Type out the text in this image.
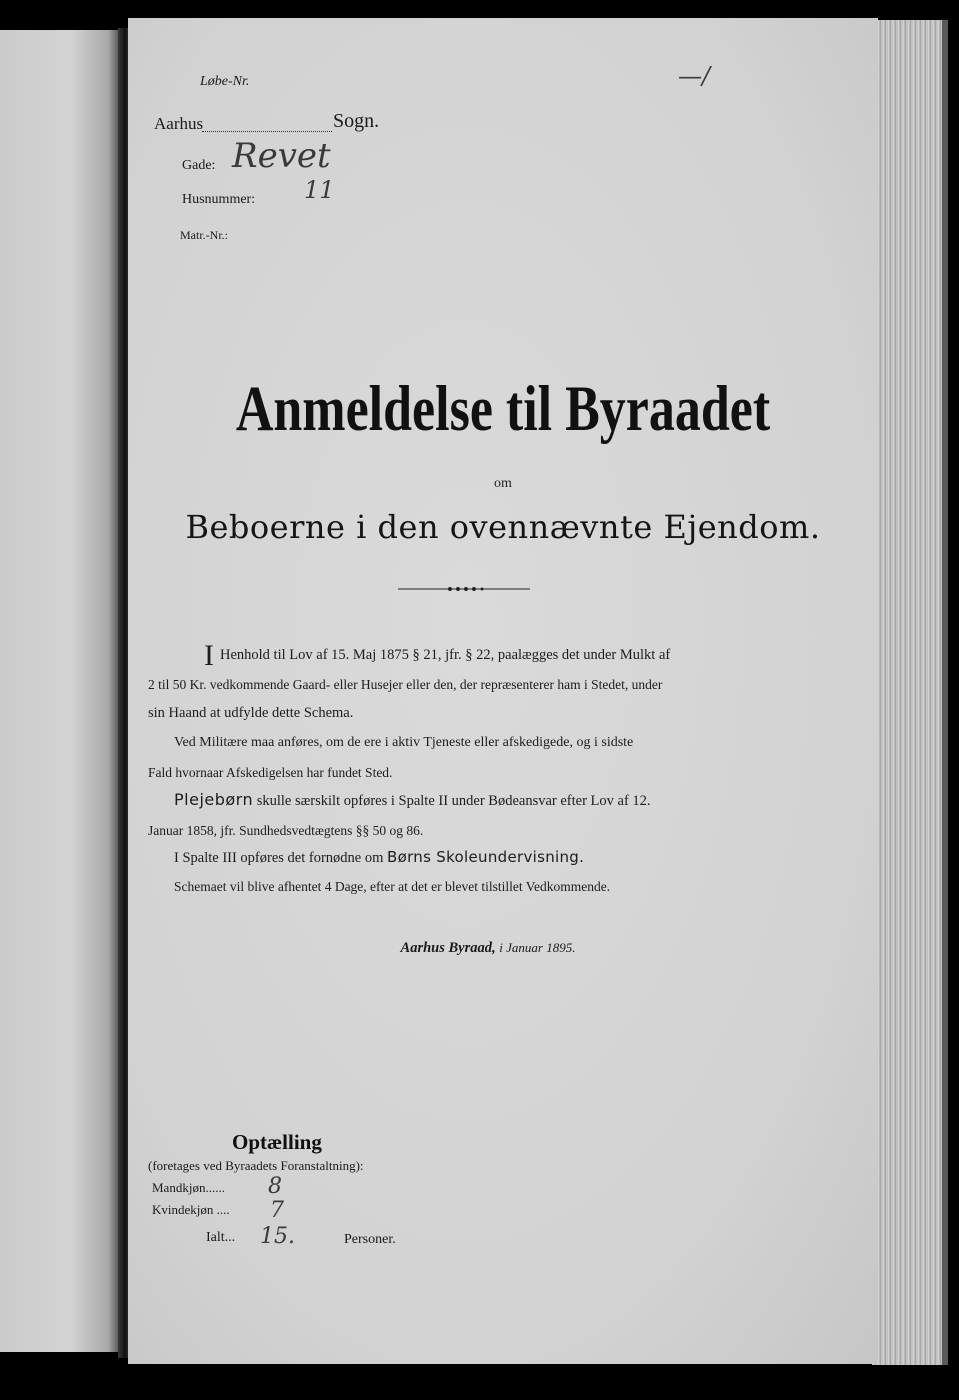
Løbe-Nr.	—/
Aarhus	Sogn.
Gade: Revet
Husnummer: 11
Matr.-Nr.:
Anmeldelse til Byraadet
om
Beboerne i den ovennævnte Ejendom.
I Henhold til Lov af 15. Maj 1875 § 21, jfr. § 22, paalægges det under Mulkt af
2 til 50 Kr. vedkommende Gaard- eller Husejer eller den, der repræsenterer ham i Stedet, under
sin Haand at udfylde dette Schema.
Ved Militære maa anføres, om de ere i aktiv Tjeneste eller afskedigede, og i sidste
Fald hvornaar Afskedigelsen har fundet Sted.
Plejebørn skulle særskilt opføres i Spalte II under Bødeansvar efter Lov af 12.
Januar 1858, jfr. Sundhedsvedtægtens §§ 50 og 86.
I Spalte III opføres det fornødne om Børns Skoleundervisning.
Schemaet vil blive afhentet 4 Dage, efter at det er blevet tilstillet Vedkommende.
Aarhus Byraad, i Januar 1895.
Optælling
(foretages ved Byraadets Foranstaltning):
Mandkjøn...... 8
Kvindekjøn .... 7
Ialt... 15.	Personer.
